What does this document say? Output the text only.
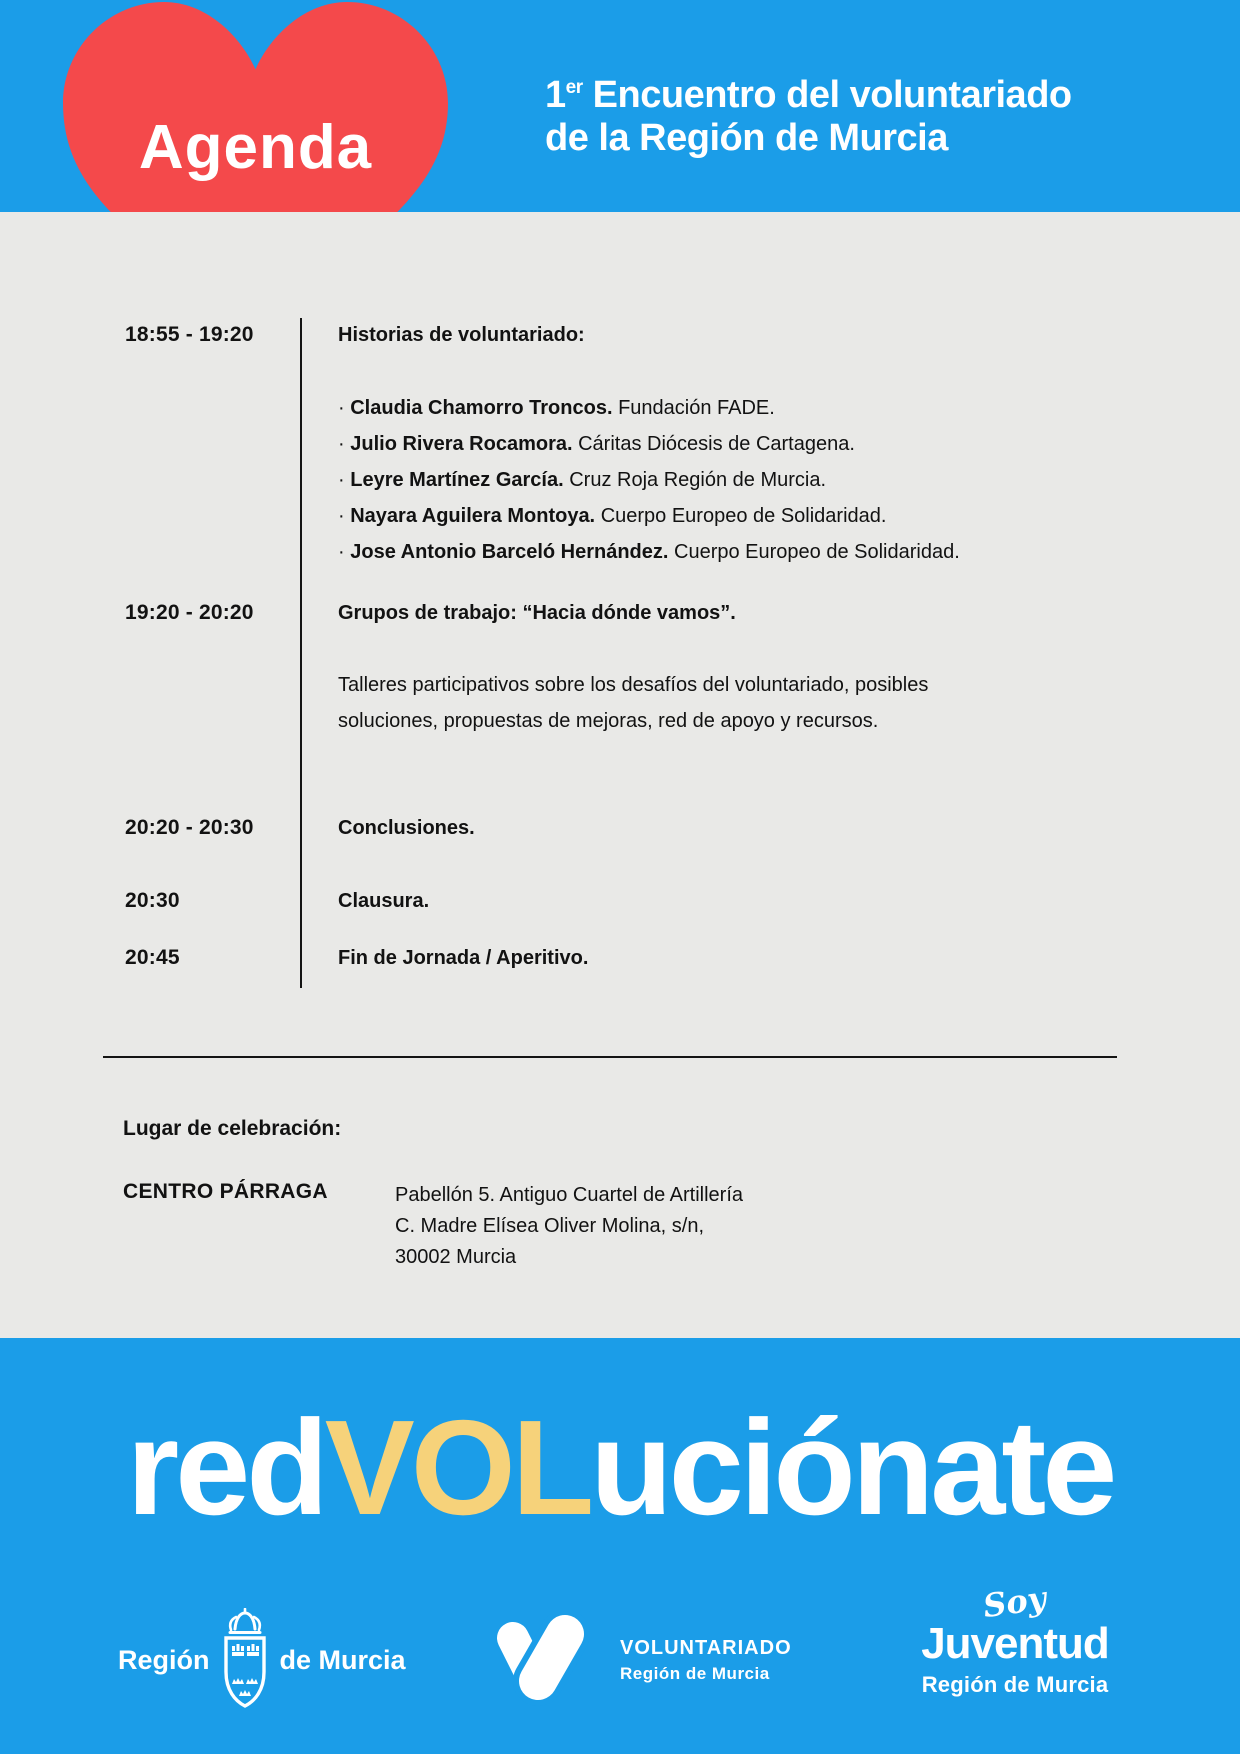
Agenda
1er Encuentro del voluntariado
de la Región de Murcia
18:55 - 19:20	Historias de voluntariado:
· Claudia Chamorro Troncos. Fundación FADE.
· Julio Rivera Rocamora. Cáritas Diócesis de Cartagena.
· Leyre Martínez García. Cruz Roja Región de Murcia.
· Nayara Aguilera Montoya. Cuerpo Europeo de Solidaridad.
· Jose Antonio Barceló Hernández. Cuerpo Europeo de Solidaridad.
19:20 - 20:20	Grupos de trabajo: “Hacia dónde vamos”.
Talleres participativos sobre los desafíos del voluntariado, posibles soluciones, propuestas de mejoras, red de apoyo y recursos.
20:20 - 20:30	Conclusiones.
20:30	Clausura.
20:45	Fin de Jornada / Aperitivo.
Lugar de celebración:
CENTRO PÁRRAGA	Pabellón 5. Antiguo Cuartel de Artillería
C. Madre Elísea Oliver Molina, s/n,
30002 Murcia
redVOLuciónate
Región	de Murcia	VOLUNTARIADO
Región de Murcia
Soy
Juventud
Región de Murcia
